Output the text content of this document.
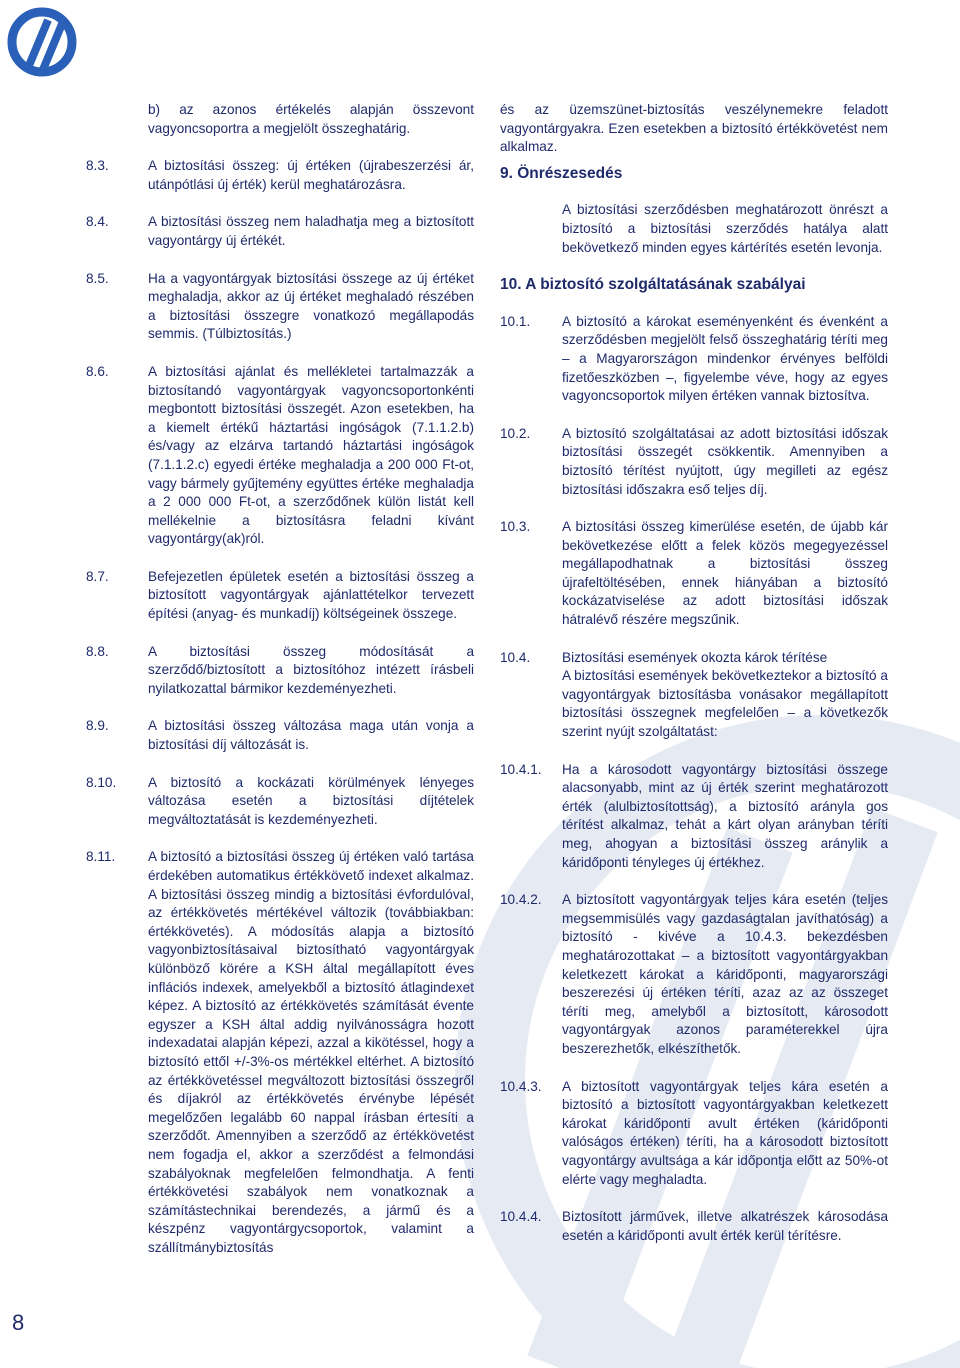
8
b) az azonos értékelés alapján összevont vagyoncsoportra a megjelölt összeghatárig.
8.3.	A biztosítási összeg: új értéken (újrabeszerzési ár, utánpótlási új érték) kerül meghatározásra.
8.4.	A biztosítási összeg nem haladhatja meg a biztosított vagyontárgy új értékét.
8.5.	Ha a vagyontárgyak biztosítási összege az új értéket meghaladja, akkor az új értéket meghaladó részében a biztosítási összegre vonatkozó megállapodás semmis. (Túlbiztosítás.)
8.6.	A biztosítási ajánlat és mellékletei tartalmazzák a biztosítandó vagyontárgyak vagyoncsoportonkénti megbontott biztosítási összegét. Azon esetekben, ha a kiemelt értékű háztartási ingóságok (7.1.1.2.b) és/vagy az elzárva tartandó háztartási ingóságok (7.1.1.2.c) egyedi értéke meghaladja a 200 000 Ft-ot, vagy bármely gyűjtemény együttes értéke meghaladja a 2 000 000 Ft-ot, a szerződőnek külön listát kell mellékelnie a biztosításra feladni kívánt vagyontárgy(ak)ról.
8.7.	Befejezetlen épületek esetén a biztosítási összeg a biztosított vagyontárgyak ajánlattételkor tervezett építési (anyag- és munkadíj) költségeinek összege.
8.8.	A biztosítási összeg módosítását a szerződő/biztosított a biztosítóhoz intézett írásbeli nyilatkozattal bármikor kezdeményezheti.
8.9.	A biztosítási összeg változása maga után vonja a biztosítási díj változását is.
8.10.	A biztosító a kockázati körülmények lényeges változása esetén a biztosítási díjtételek megváltoztatását is kezdeményezheti.
8.11.	A biztosító a biztosítási összeg új értéken való tartása érdekében automatikus értékkövető indexet alkalmaz. A biztosítási összeg mindig a biztosítási évfordulóval, az értékkövetés mértékével változik (továbbiakban: értékkövetés). A módosítás alapja a biztosító vagyonbiztosításaival biztosítható vagyontárgyak különböző körére a KSH által megállapított éves inflációs indexek, amelyekből a biztosító átlagindexet képez. A biztosító az értékkövetés számítását évente egyszer a KSH által addig nyilvánosságra hozott indexadatai alapján képezi, azzal a kikötéssel, hogy a biztosító ettől +/-3%-os mértékkel eltérhet. A biztosító az értékkövetéssel megváltozott biztosítási összegről és díjakról az értékkövetés érvénybe lépését megelőzően legalább 60 nappal írásban értesíti a szerződőt. Amennyiben a szerződő az értékkövetést nem fogadja el, akkor a szerződést a felmondási szabályoknak megfelelően felmondhatja. A fenti értékkövetési szabályok nem vonatkoznak a számítástechnikai berendezés, a jármű és a készpénz vagyontárgycsoportok, valamint a szállítmánybiztosítás
és az üzemszünet-biztosítás veszélynemekre feladott vagyontárgyakra. Ezen esetekben a biztosító értékkövetést nem alkalmaz.
9. Önrészesedés
A biztosítási szerződésben meghatározott önrészt a biztosító a biztosítási szerződés hatálya alatt bekövetkező minden egyes kártérítés esetén levonja.
10. A biztosító szolgáltatásának szabályai
10.1.	A biztosító a károkat eseményenként és évenként a szerződésben megjelölt felső összeghatárig téríti meg – a Magyarországon mindenkor érvényes belföldi fizetőeszközben –, figyelembe véve, hogy az egyes vagyoncsoportok milyen értéken vannak biztosítva.
10.2.	A biztosító szolgáltatásai az adott biztosítási időszak biztosítási összegét csökkentik. Amennyiben a biztosító térítést nyújtott, úgy megilleti az egész biztosítási időszakra eső teljes díj.
10.3.	A biztosítási összeg kimerülése esetén, de újabb kár bekövetkezése előtt a felek közös megegyezéssel megállapodhatnak a biztosítási összeg újrafeltöltésében, ennek hiányában a biztosító kockázatviselése az adott biztosítási időszak hátralévő részére megszűnik.
10.4.	Biztosítási események okozta károk térítése
A biztosítási események bekövetkeztekor a biztosító a vagyontárgyak biztosításba vonásakor megállapított biztosítási összegnek megfelelően – a következők szerint nyújt szolgáltatást:
10.4.1.	Ha a károsodott vagyontárgy biztosítási összege alacsonyabb, mint az új érték szerint meghatározott érték (alulbiztosítottság), a biztosító arányla gos térítést alkalmaz, tehát a kárt olyan arányban téríti meg, ahogyan a biztosítási összeg aránylik a káridőponti tényleges új értékhez.
10.4.2.	A biztosított vagyontárgyak teljes kára esetén (teljes megsemmisülés vagy gazdaságtalan javíthatóság) a biztosító - kivéve a 10.4.3. bekezdésben meghatározottakat – a biztosított vagyontárgyakban keletkezett károkat a káridőponti, magyarországi beszerezési új értéken téríti, azaz az az összeget téríti meg, amelyből a biztosított, károsodott vagyontárgyak azonos paraméterekkel újra beszerezhetők, elkészíthetők.
10.4.3.	A biztosított vagyontárgyak teljes kára esetén a biztosító a biztosított vagyontárgyakban keletkezett károkat káridőponti avult értéken (káridőponti valóságos értéken) téríti, ha a károsodott biztosított vagyontárgy avultsága a kár időpontja előtt az 50%-ot elérte vagy meghaladta.
10.4.4.	Biztosított járművek, illetve alkatrészek károsodása esetén a káridőponti avult érték kerül térítésre.
